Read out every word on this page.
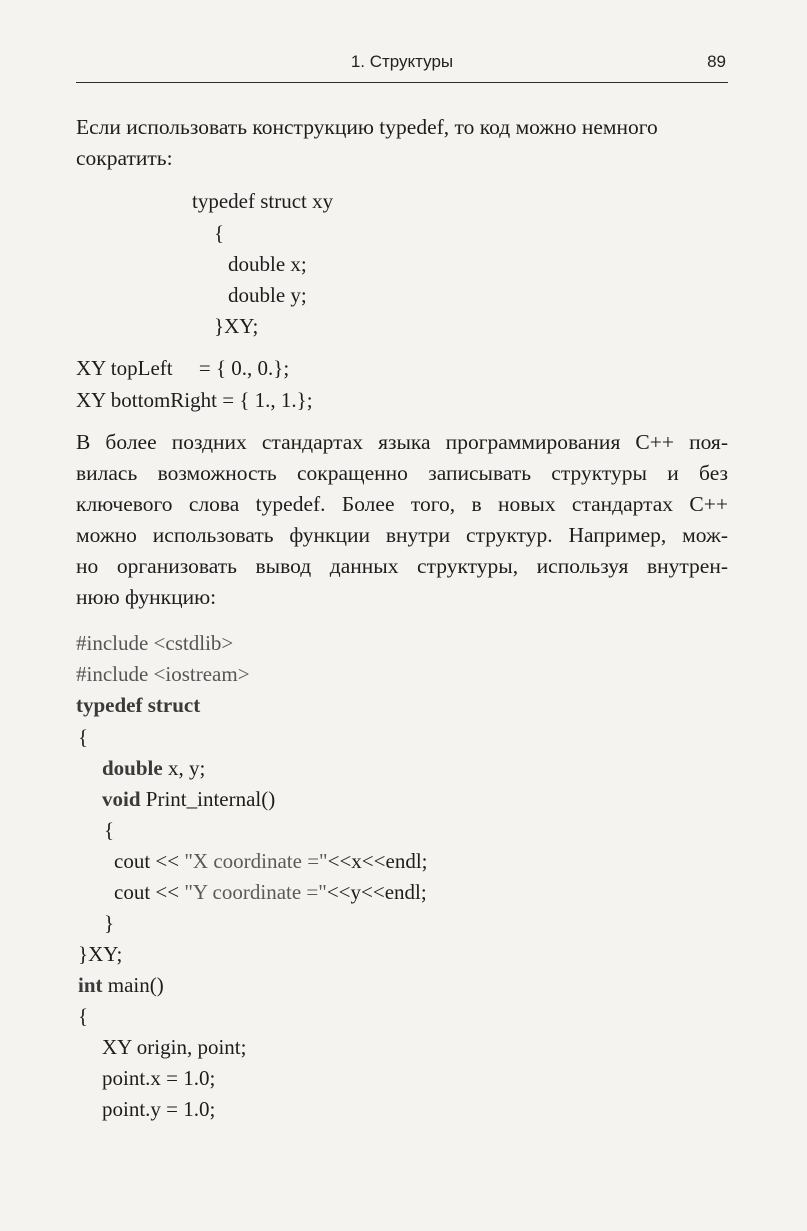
1. Структуры	89
Если использовать конструкцию typedef, то код можно немного
сократить:
typedef struct xy
{
double x;
double y;
}XY;
XY topLeft     = { 0., 0.};
XY bottomRight = { 1., 1.};
В более поздних стандартах языка программирования С++ поя-
вилась возможность сокращенно записывать структуры и без
ключевого слова typedef. Более того, в новых стандартах С++
можно использовать функции внутри структур. Например, мож-
но организовать вывод данных структуры, используя внутрен-
нюю функцию:
#include <cstdlib>
#include <iostream>
typedef struct
{
double x, y;
void Print_internal()
{
cout << "X coordinate ="<<x<<endl;
cout << "Y coordinate ="<<y<<endl;
}
}XY;
int main()
{
XY origin, point;
point.x = 1.0;
point.y = 1.0;
